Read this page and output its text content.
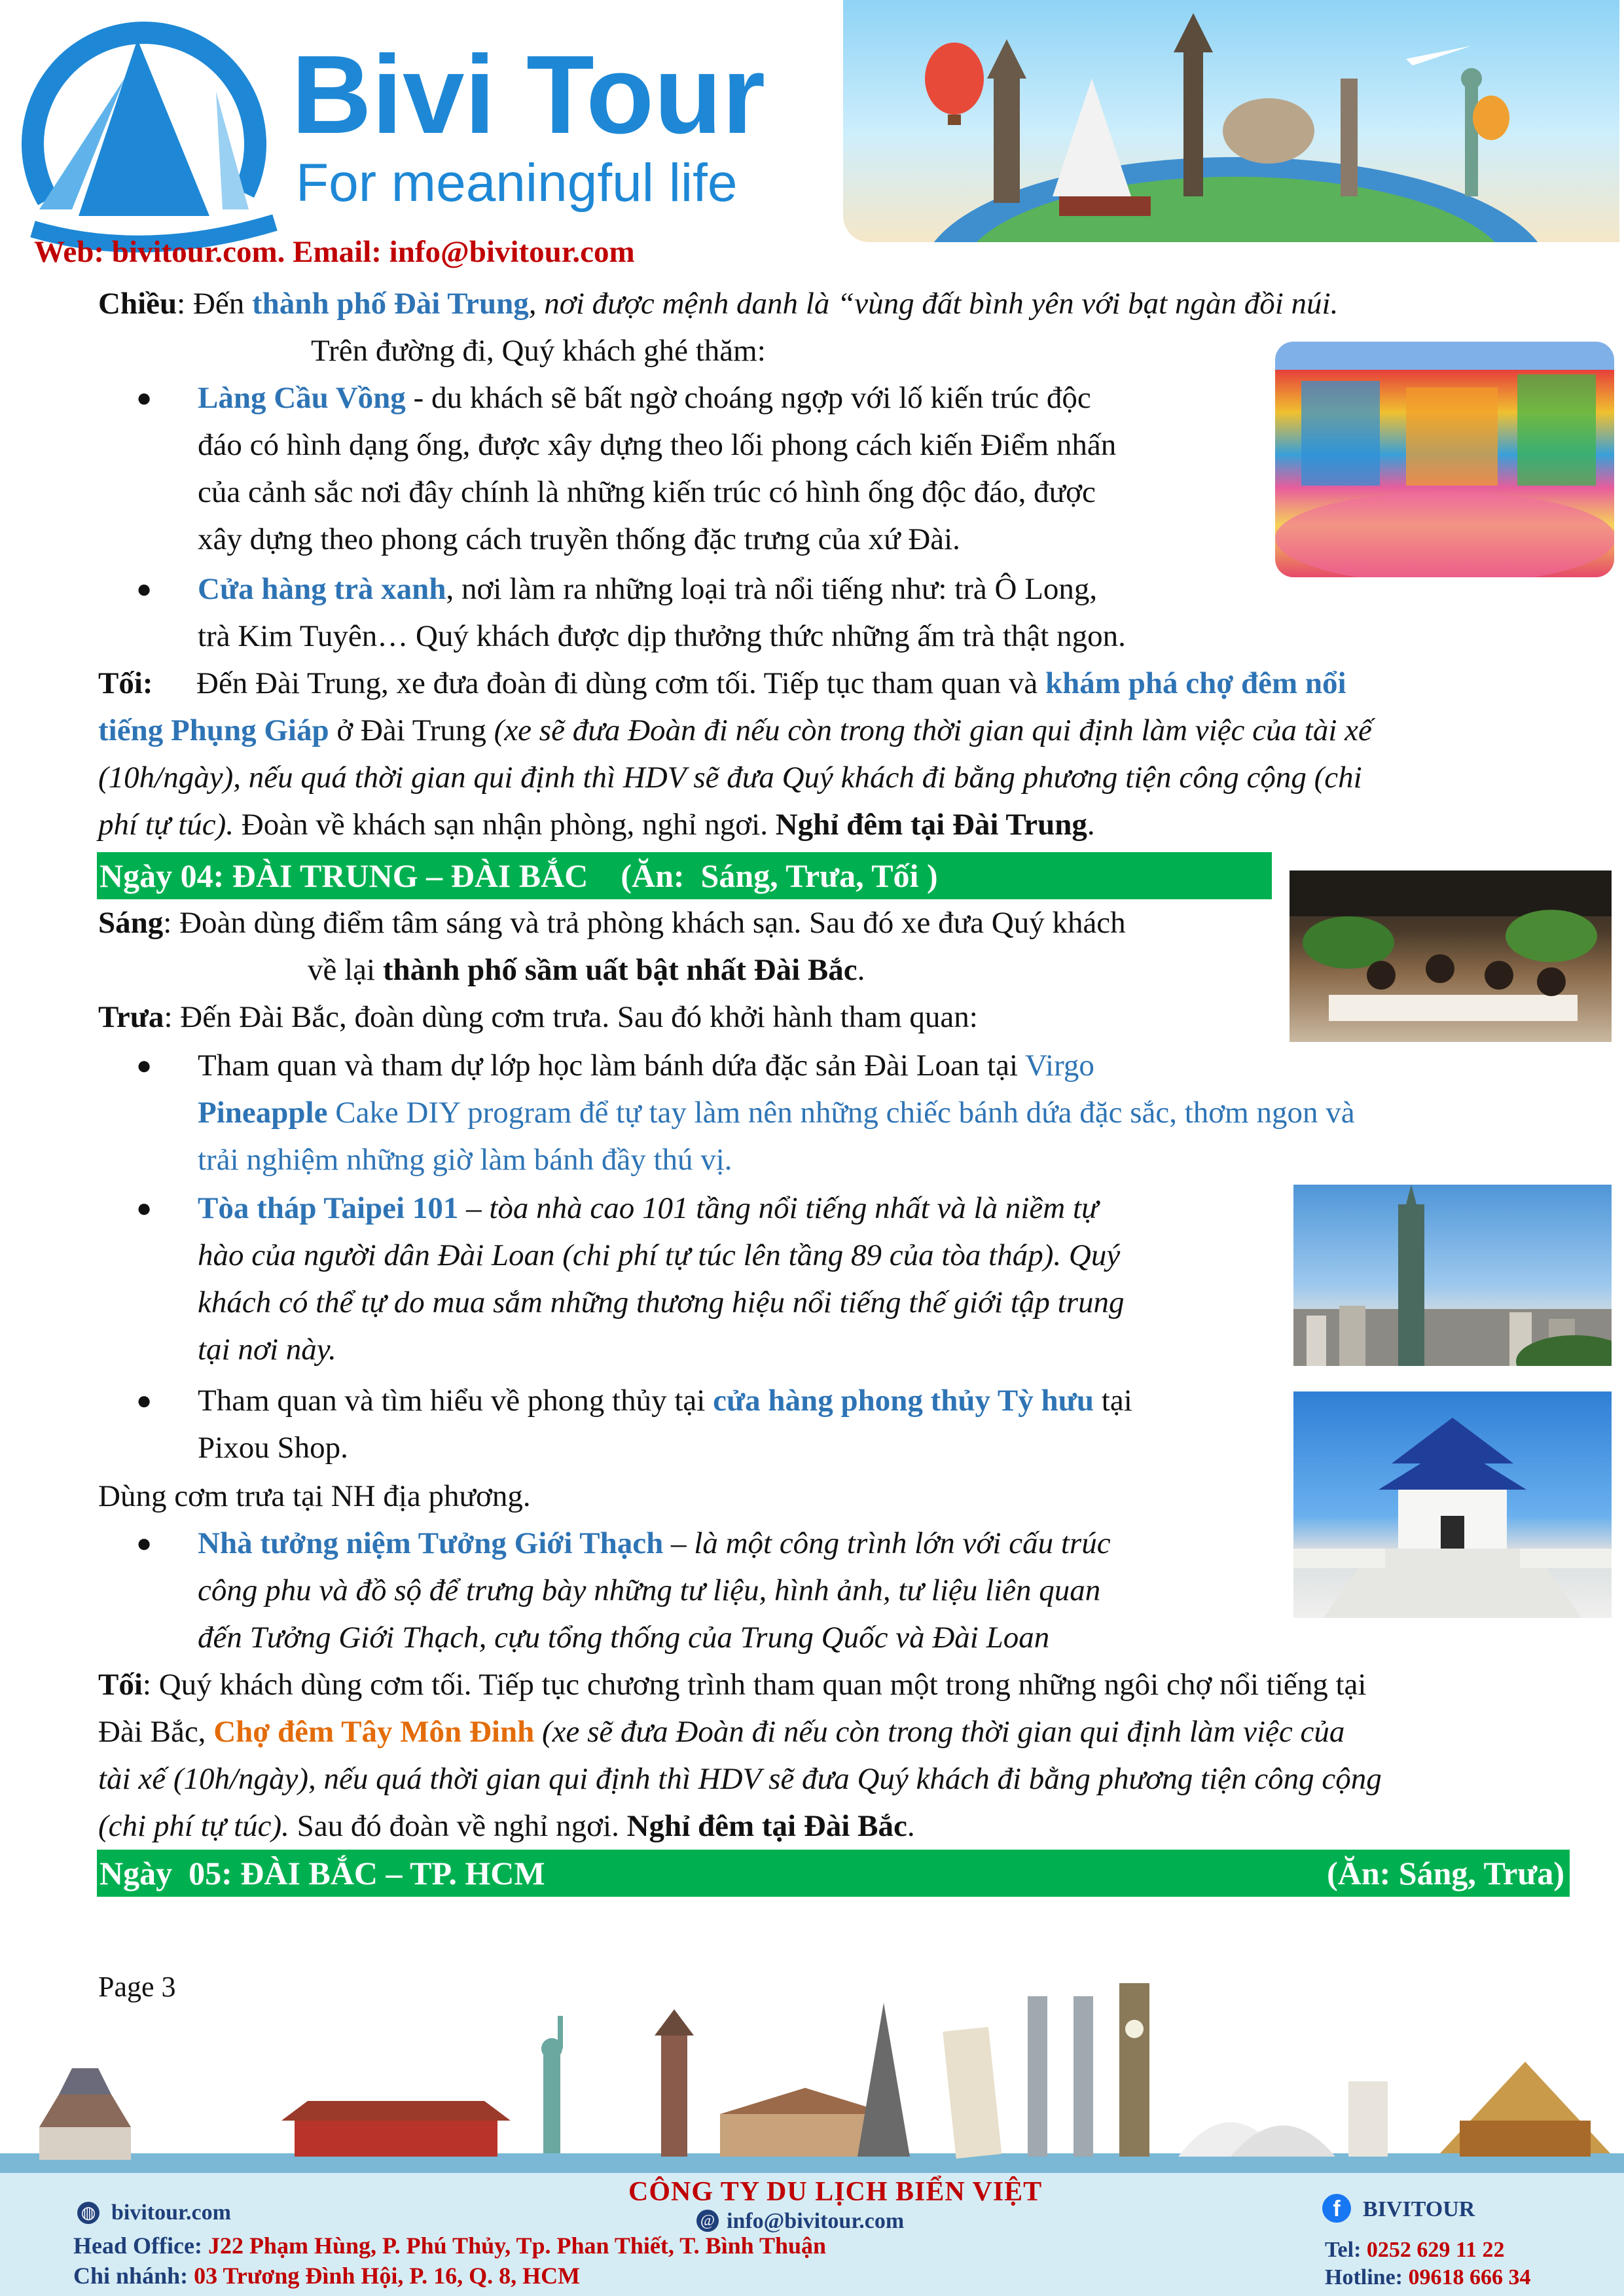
Bivi Tour
For meaningful life
Web: bivitour.com. Email: info@bivitour.com
Chiều: Đến thành phố Đài Trung, nơi được mệnh danh là “vùng đất bình yên với bạt ngàn đồi núi.
Trên đường đi, Quý khách ghé thăm:
● Làng Cầu Vồng - du khách sẽ bất ngờ choáng ngợp với lố kiến trúc độc
đáo có hình dạng ống, được xây dựng theo lối phong cách kiến Điểm nhấn
của cảnh sắc nơi đây chính là những kiến trúc có hình ống độc đáo, được
xây dựng theo phong cách truyền thống đặc trưng của xứ Đài.
● Cửa hàng trà xanh, nơi làm ra những loại trà nổi tiếng như: trà Ô Long,
trà Kim Tuyên… Quý khách được dịp thưởng thức những ấm trà thật ngon.
Tối: Đến Đài Trung, xe đưa đoàn đi dùng cơm tối. Tiếp tục tham quan và khám phá chợ đêm nổi
tiếng Phụng Giáp ở Đài Trung (xe sẽ đưa Đoàn đi nếu còn trong thời gian qui định làm việc của tài xế
(10h/ngày), nếu quá thời gian qui định thì HDV sẽ đưa Quý khách đi bằng phương tiện công cộng (chi
phí tự túc). Đoàn về khách sạn nhận phòng, nghỉ ngơi. Nghỉ đêm tại Đài Trung.
Ngày 04: ĐÀI TRUNG – ĐÀI BẮC    (Ăn:  Sáng, Trưa, Tối )
Sáng: Đoàn dùng điểm tâm sáng và trả phòng khách sạn. Sau đó xe đưa Quý khách
về lại thành phố sầm uất bật nhất Đài Bắc.
Trưa: Đến Đài Bắc, đoàn dùng cơm trưa. Sau đó khởi hành tham quan:
● Tham quan và tham dự lớp học làm bánh dứa đặc sản Đài Loan tại Virgo
Pineapple Cake DIY program để tự tay làm nên những chiếc bánh dứa đặc sắc, thơm ngon và
trải nghiệm những giờ làm bánh đầy thú vị.
● Tòa tháp Taipei 101 – tòa nhà cao 101 tầng nổi tiếng nhất và là niềm tự
hào của người dân Đài Loan (chi phí tự túc lên tầng 89 của tòa tháp). Quý
khách có thể tự do mua sắm những thương hiệu nổi tiếng thế giới tập trung
tại nơi này.
● Tham quan và tìm hiểu về phong thủy tại cửa hàng phong thủy Tỳ hưu tại
Pixou Shop.
Dùng cơm trưa tại NH địa phương.
● Nhà tưởng niệm Tưởng Giới Thạch – là một công trình lớn với cấu trúc
công phu và đồ sộ để trưng bày những tư liệu, hình ảnh, tư liệu liên quan
đến Tưởng Giới Thạch, cựu tổng thống của Trung Quốc và Đài Loan
Tối: Quý khách dùng cơm tối. Tiếp tục chương trình tham quan một trong những ngôi chợ nổi tiếng tại
Đài Bắc, Chợ đêm Tây Môn Đinh (xe sẽ đưa Đoàn đi nếu còn trong thời gian qui định làm việc của
tài xế (10h/ngày), nếu quá thời gian qui định thì HDV sẽ đưa Quý khách đi bằng phương tiện công cộng
(chi phí tự túc). Sau đó đoàn về nghỉ ngơi. Nghỉ đêm tại Đài Bắc.
Ngày  05: ĐÀI BẮC – TP. HCM	(Ăn: Sáng, Trưa)
Page 3
CÔNG TY DU LỊCH BIỂN VIỆT
◍ bivitour.com	@ info@bivitour.com	f	BIVITOUR
Head Office: J22 Phạm Hùng, P. Phú Thủy, Tp. Phan Thiết, T. Bình Thuận
Chi nhánh: 03 Trương Đình Hội, P. 16, Q. 8, HCM
Tel: 0252 629 11 22
Hotline: 09618 666 34
